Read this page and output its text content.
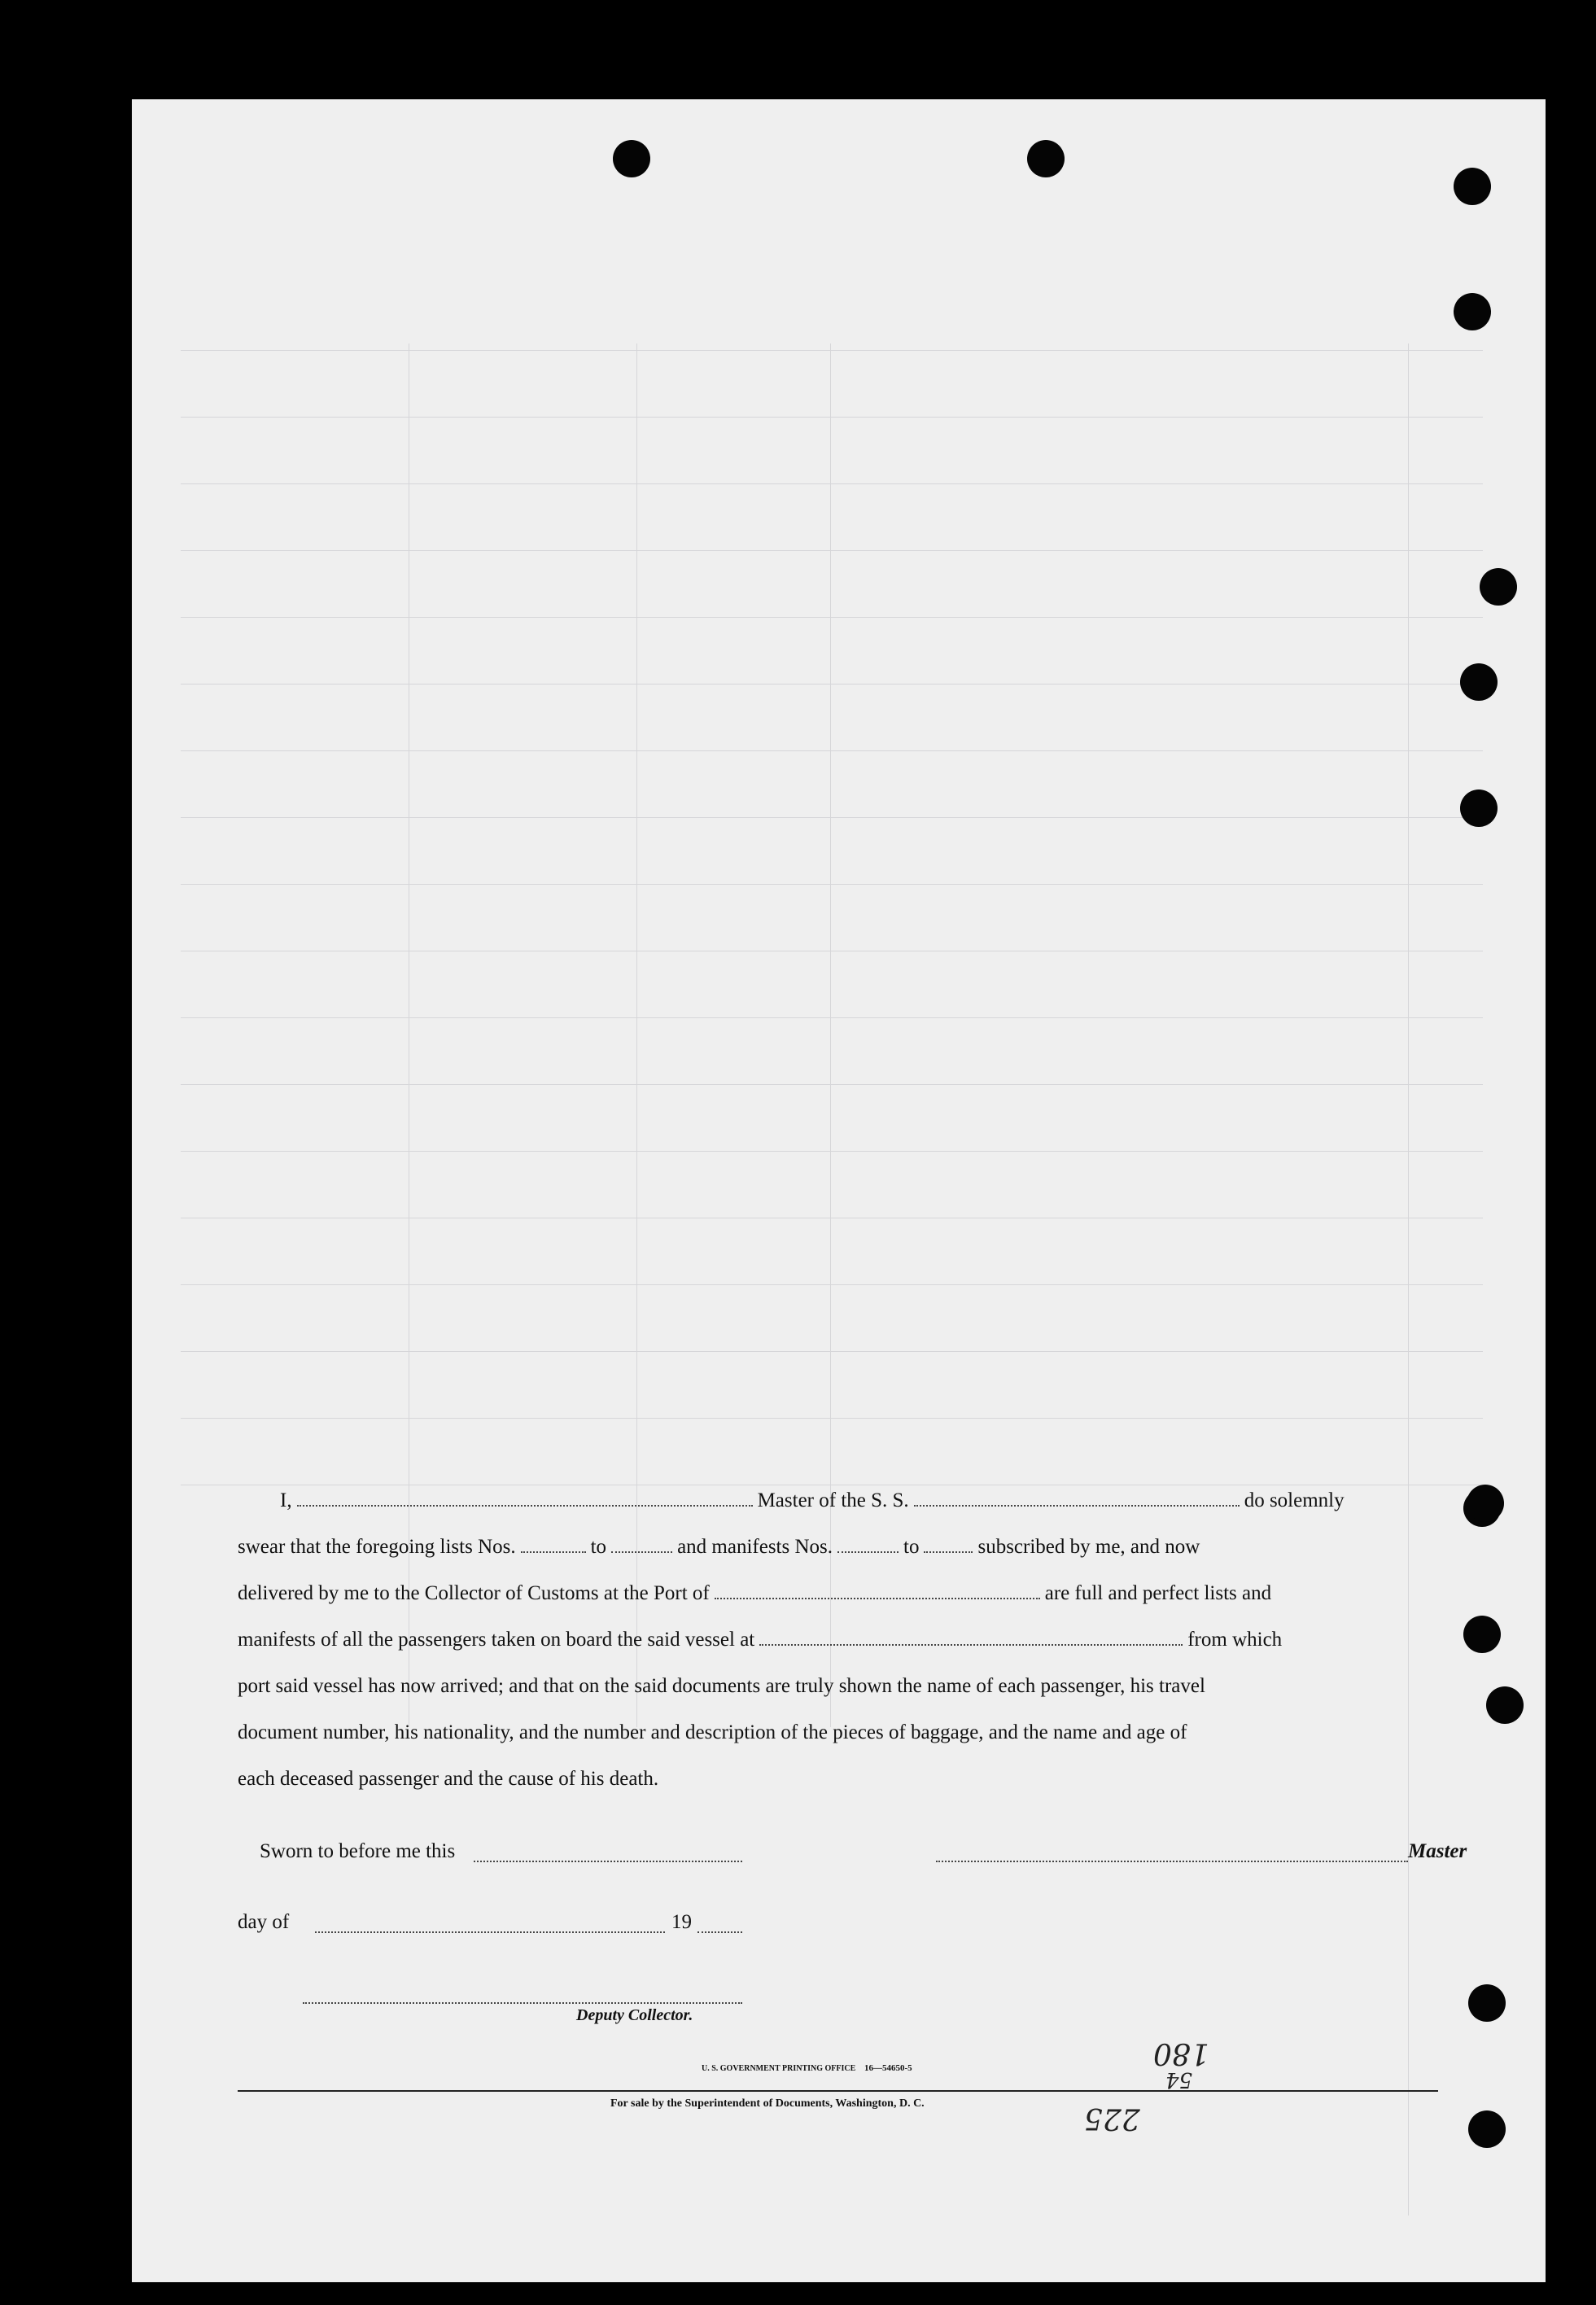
I,	Master of the S. S.	do solemnly
swear that the foregoing lists Nos.	to	and manifests Nos.	to	subscribed by me, and now
delivered by me to the Collector of Customs at the Port of	are full and perfect lists and
manifests of all the passengers taken on board the said vessel at	from which
port said vessel has now arrived; and that on the said documents are truly shown the name of each passenger, his travel
document number, his nationality, and the number and description of the pieces of baggage, and the name and age of
each deceased passenger and the cause of his death.
Sworn to before me this	Master
day of	19
Deputy Collector.
U. S. GOVERNMENT PRINTING OFFICE 16—54650-5
For sale by the Superintendent of Documents, Washington, D. C.
180
54
225
